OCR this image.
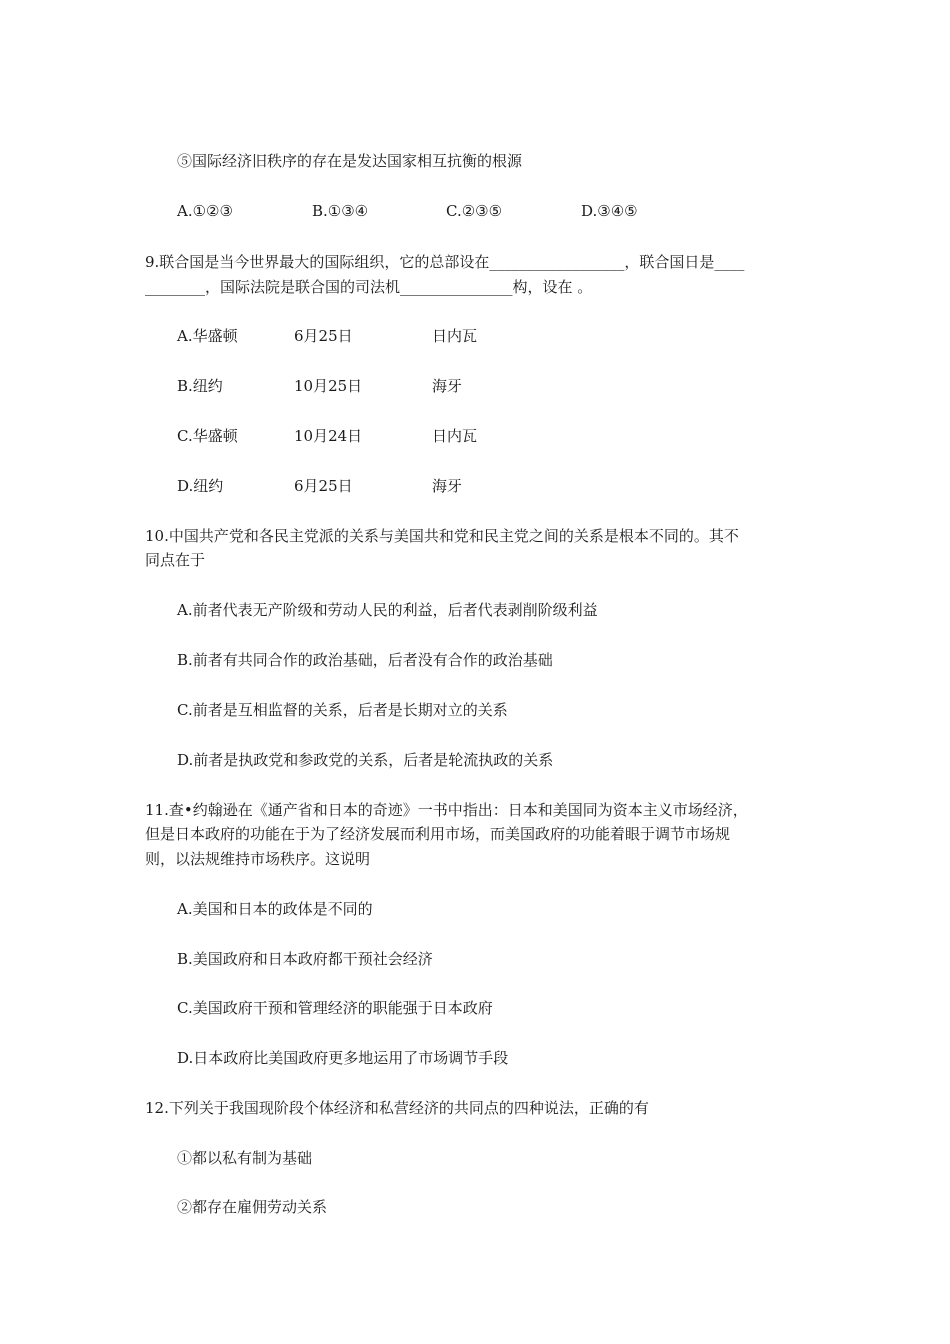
⑤国际经济旧秩序的存在是发达国家相互抗衡的根源
A.①②③	B.①③④	C.②③⑤	D.③④⑤
9.联合国是当今世界最大的国际组织，它的总部设在__________________，联合国日是____
________，国际法院是联合国的司法机_______________构，设在 。
A.华盛顿	6月25日	日内瓦
B.纽约	10月25日	海牙
C.华盛顿	10月24日	日内瓦
D.纽约	6月25日	海牙
10.中国共产党和各民主党派的关系与美国共和党和民主党之间的关系是根本不同的。其不
同点在于
A.前者代表无产阶级和劳动人民的利益，后者代表剥削阶级利益
B.前者有共同合作的政治基础，后者没有合作的政治基础
C.前者是互相监督的关系，后者是长期对立的关系
D.前者是执政党和参政党的关系，后者是轮流执政的关系
11.查•约翰逊在《通产省和日本的奇迹》一书中指出：日本和美国同为资本主义市场经济，
但是日本政府的功能在于为了经济发展而利用市场，而美国政府的功能着眼于调节市场规
则，以法规维持市场秩序。这说明
A.美国和日本的政体是不同的
B.美国政府和日本政府都干预社会经济
C.美国政府干预和管理经济的职能强于日本政府
D.日本政府比美国政府更多地运用了市场调节手段
12.下列关于我国现阶段个体经济和私营经济的共同点的四种说法，正确的有
①都以私有制为基础
②都存在雇佣劳动关系
